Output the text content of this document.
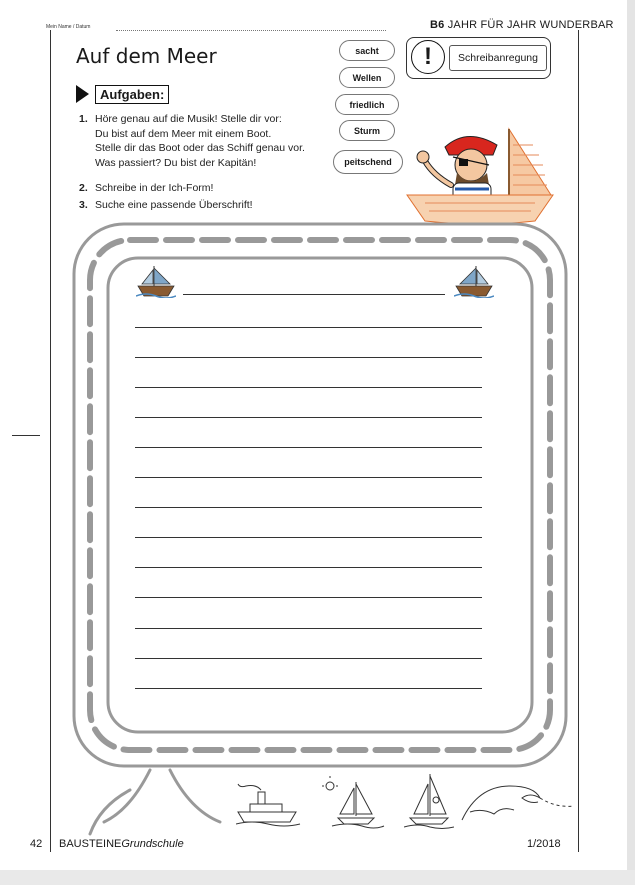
Mein Name / Datum	B6 JAHR FÜR JAHR WUNDERBAR
Auf dem Meer
Aufgaben:
1. Höre genau auf die Musik! Stelle dir vor:
Du bist auf dem Meer mit einem Boot.
Stelle dir das Boot oder das Schiff genau vor.
Was passiert? Du bist der Kapitän!
2. Schreibe in der Ich-Form!
3. Suche eine passende Überschrift!
sacht
Wellen
friedlich
Sturm
peitschend
!	Schreibanregung
42 BAUSTEINEGrundschule	1/2018
